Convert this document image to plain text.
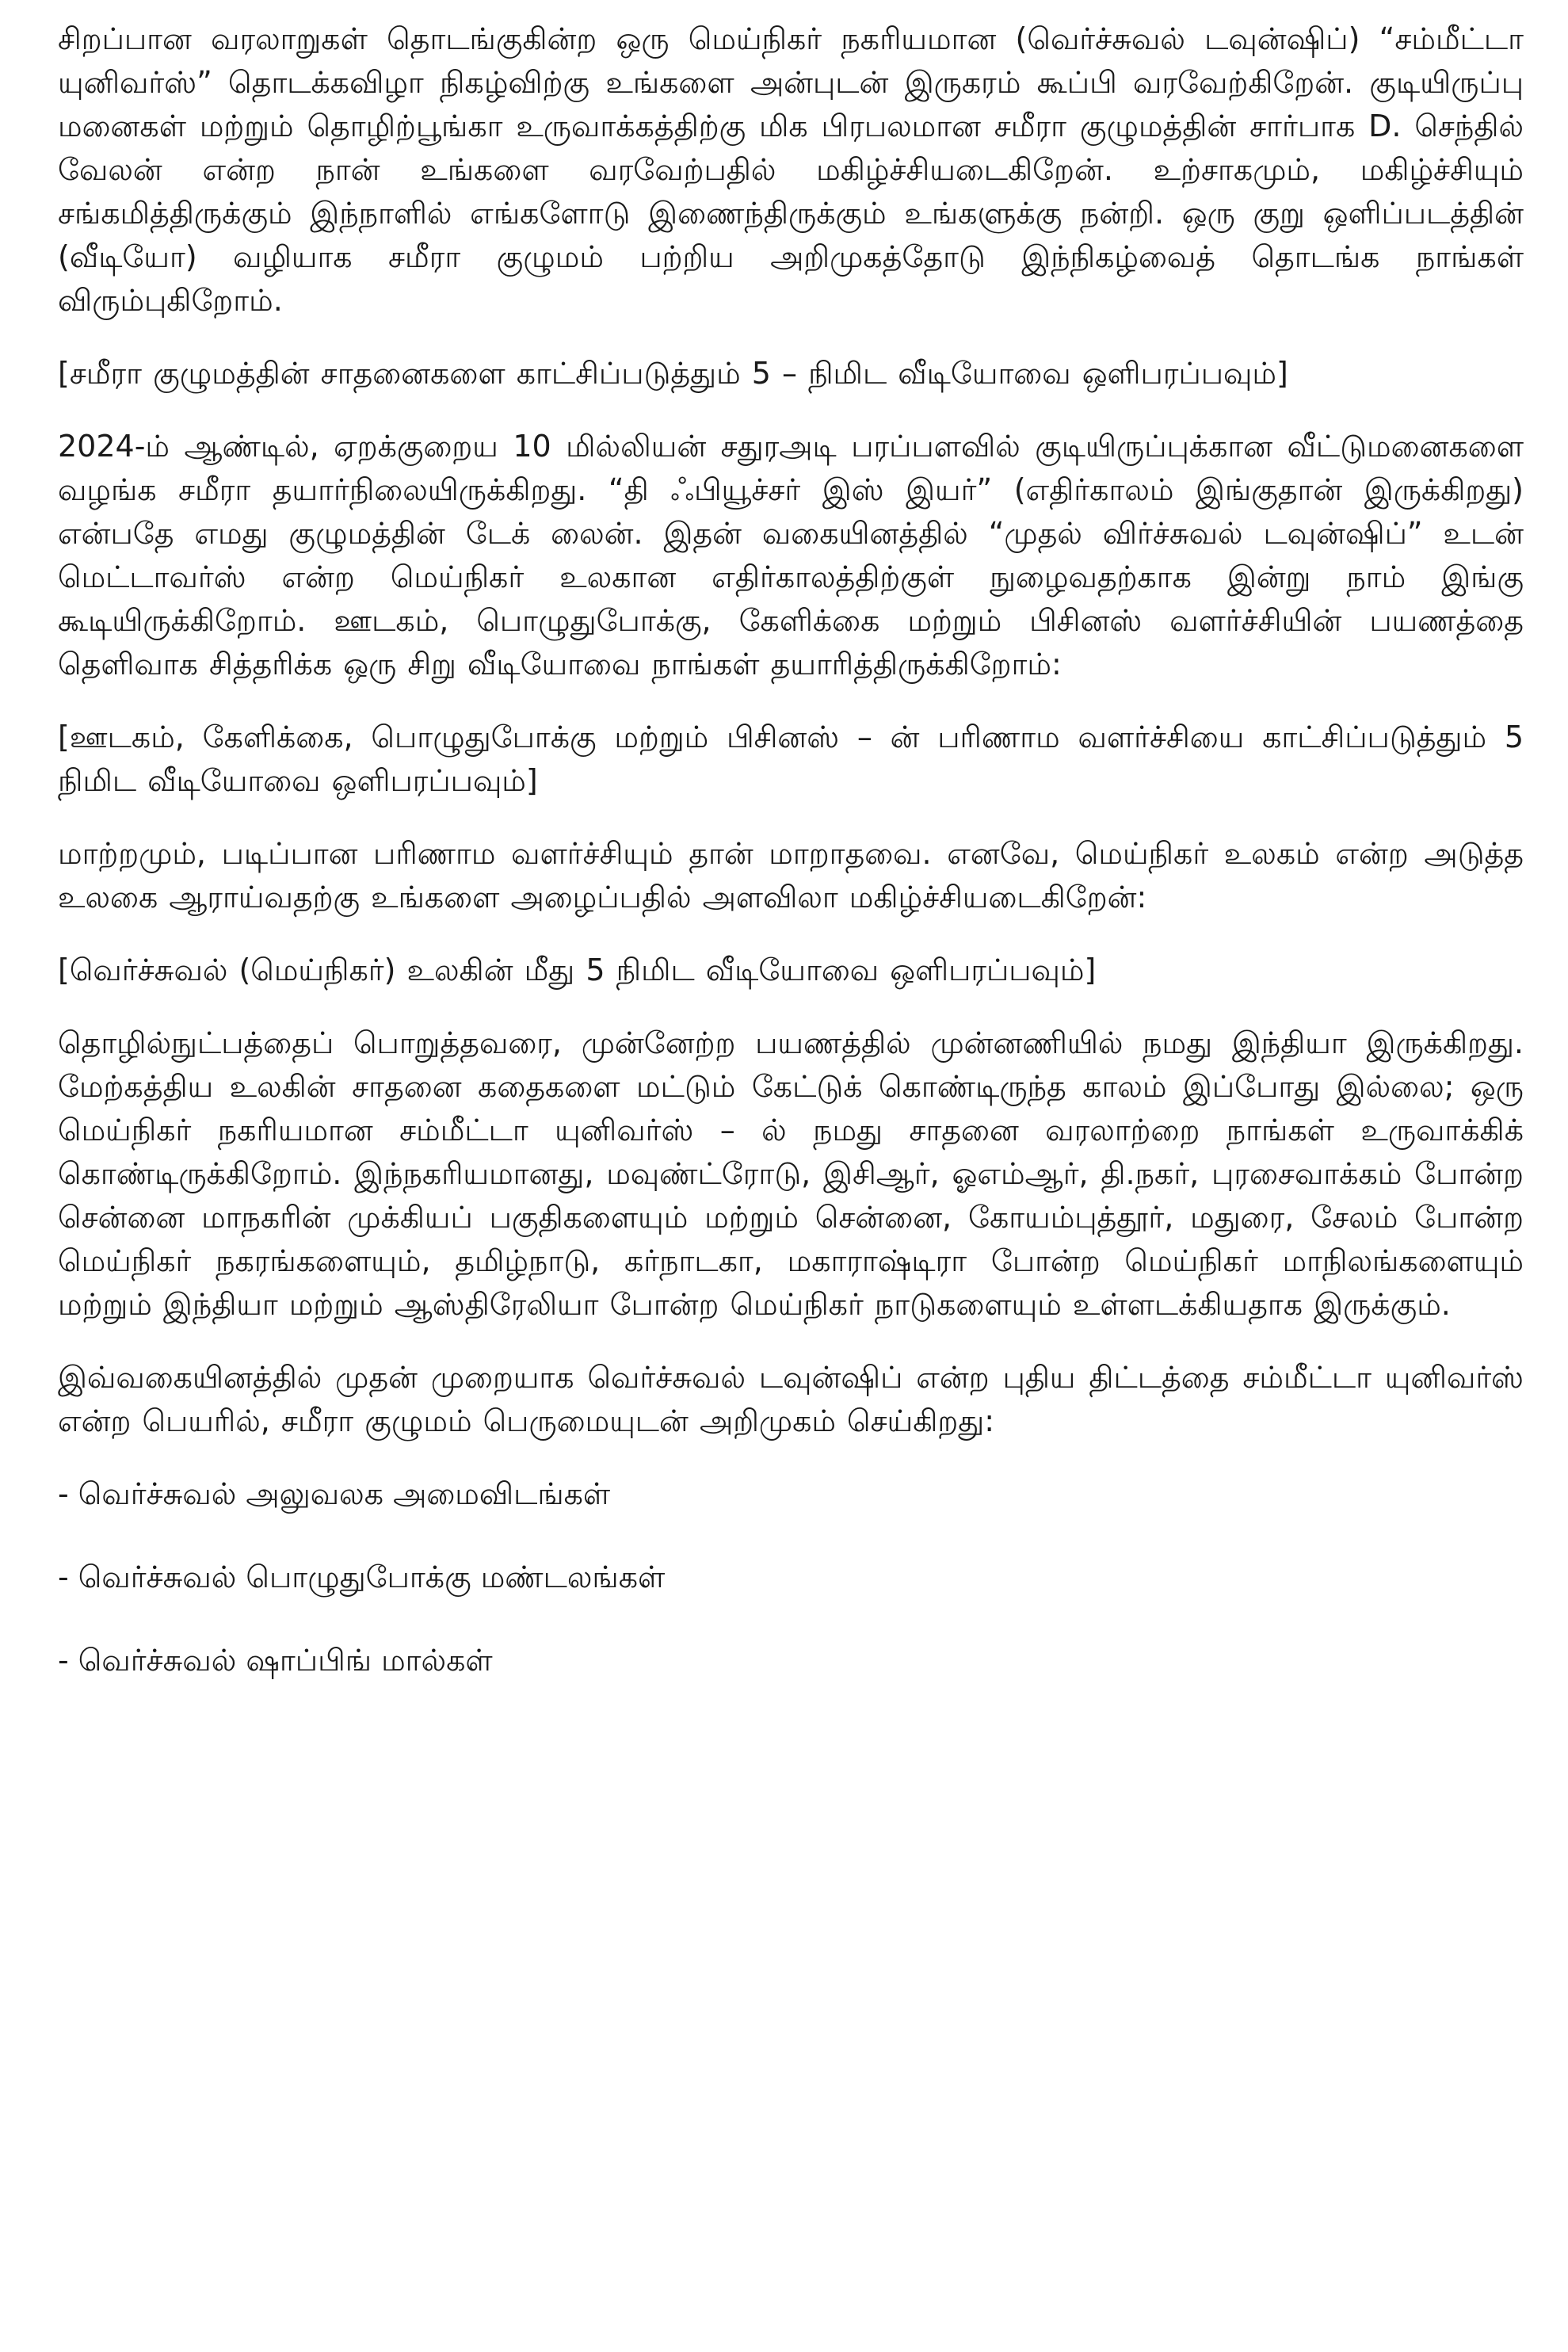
சிறப்பான வரலாறுகள் தொடங்குகின்ற ஒரு மெய்நிகர் நகரியமான (வெர்ச்சுவல் டவுன்ஷிப்) “சம்மீட்டா யுனிவர்ஸ்” தொடக்கவிழா நிகழ்விற்கு உங்களை அன்புடன் இருகரம் கூப்பி வரவேற்கிறேன். குடியிருப்பு மனைகள் மற்றும் தொழிற்பூங்கா உருவாக்கத்திற்கு மிக பிரபலமான சமீரா குழுமத்தின் சார்பாக D. செந்தில் வேலன் என்ற நான் உங்களை வரவேற்பதில் மகிழ்ச்சியடைகிறேன். உற்சாகமும், மகிழ்ச்சியும் சங்கமித்திருக்கும் இந்நாளில் எங்களோடு இணைந்திருக்கும் உங்களுக்கு நன்றி. ஒரு குறு ஒளிப்படத்தின் (வீடியோ) வழியாக சமீரா குழுமம் பற்றிய அறிமுகத்தோடு இந்நிகழ்வைத் தொடங்க நாங்கள் விரும்புகிறோம்.

[சமீரா குழுமத்தின் சாதனைகளை காட்சிப்படுத்தும் 5 – நிமிட வீடியோவை ஒளிபரப்பவும்]

2024-ம் ஆண்டில், ஏறக்குறைய 10 மில்லியன் சதுரஅடி பரப்பளவில் குடியிருப்புக்கான வீட்டுமனைகளை வழங்க சமீரா தயார்நிலையிருக்கிறது. “தி ஃபியூச்சர் இஸ் இயர்” (எதிர்காலம் இங்குதான் இருக்கிறது) என்பதே எமது குழுமத்தின் டேக் லைன். இதன் வகையினத்தில் “முதல் விர்ச்சுவல் டவுன்ஷிப்” உடன் மெட்டாவர்ஸ் என்ற மெய்நிகர் உலகான எதிர்காலத்திற்குள் நுழைவதற்காக இன்று நாம் இங்கு கூடியிருக்கிறோம். ஊடகம், பொழுதுபோக்கு, கேளிக்கை மற்றும் பிசினஸ் வளர்ச்சியின் பயணத்தை தெளிவாக சித்தரிக்க ஒரு சிறு வீடியோவை நாங்கள் தயாரித்திருக்கிறோம்:

[ஊடகம், கேளிக்கை, பொழுதுபோக்கு மற்றும் பிசினஸ் – ன் பரிணாம வளர்ச்சியை காட்சிப்படுத்தும் 5 நிமிட வீடியோவை ஒளிபரப்பவும்]

மாற்றமும், படிப்பான பரிணாம வளர்ச்சியும் தான் மாறாதவை. எனவே, மெய்நிகர் உலகம் என்ற அடுத்த உலகை ஆராய்வதற்கு உங்களை அழைப்பதில் அளவிலா மகிழ்ச்சியடைகிறேன்:

[வெர்ச்சுவல் (மெய்நிகர்) உலகின் மீது 5 நிமிட வீடியோவை ஒளிபரப்பவும்]

தொழில்நுட்பத்தைப் பொறுத்தவரை, முன்னேற்ற பயணத்தில் முன்னணியில் நமது இந்தியா இருக்கிறது. மேற்கத்திய உலகின் சாதனை கதைகளை மட்டும் கேட்டுக் கொண்டிருந்த காலம் இப்போது இல்லை; ஒரு மெய்நிகர் நகரியமான சம்மீட்டா யுனிவர்ஸ் – ல் நமது சாதனை வரலாற்றை நாங்கள் உருவாக்கிக் கொண்டிருக்கிறோம். இந்நகரியமானது, மவுண்ட்ரோடு, இசிஆர், ஓஎம்ஆர், தி.நகர், புரசைவாக்கம் போன்ற சென்னை மாநகரின் முக்கியப் பகுதிகளையும் மற்றும் சென்னை, கோயம்புத்தூர், மதுரை, சேலம் போன்ற மெய்நிகர் நகரங்களையும், தமிழ்நாடு, கர்நாடகா, மகாராஷ்டிரா போன்ற மெய்நிகர் மாநிலங்களையும் மற்றும் இந்தியா மற்றும் ஆஸ்திரேலியா போன்ற மெய்நிகர் நாடுகளையும் உள்ளடக்கியதாக இருக்கும்.

இவ்வகையினத்தில் முதன் முறையாக வெர்ச்சுவல் டவுன்ஷிப் என்ற புதிய திட்டத்தை சம்மீட்டா யுனிவர்ஸ் என்ற பெயரில், சமீரா குழுமம் பெருமையுடன் அறிமுகம் செய்கிறது:

- வெர்ச்சுவல் அலுவலக அமைவிடங்கள்

- வெர்ச்சுவல் பொழுதுபோக்கு மண்டலங்கள்

- வெர்ச்சுவல் ஷாப்பிங் மால்கள்
